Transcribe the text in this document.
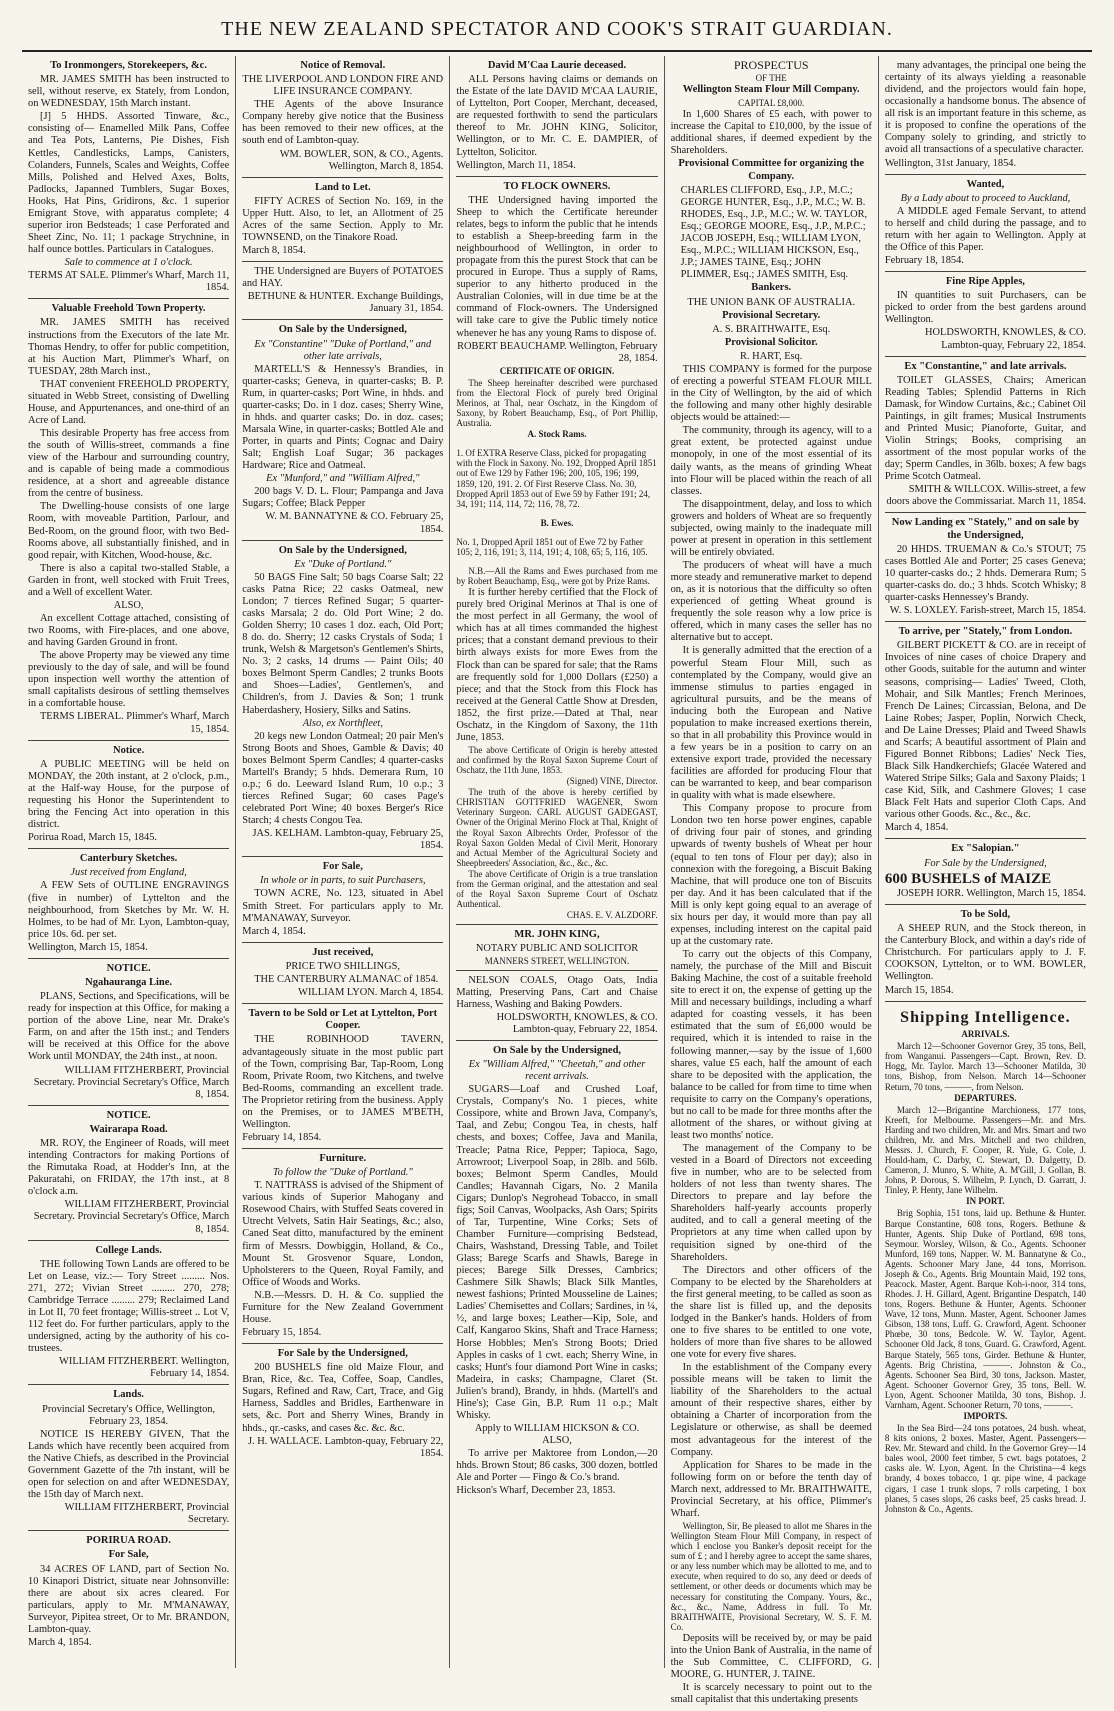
THE NEW ZEALAND SPECTATOR AND COOK'S STRAIT GUARDIAN.
To Ironmongers, Storekeepers, &c.

MR. JAMES SMITH has been instructed to sell, without reserve, ex Stately, from London, on WEDNESDAY, 15th March instant.

[J] 5 HHDS. Assorted Tinware, &c., consisting of— Enamelled Milk Pans, Coffee and Tea Pots, Lanterns, Pie Dishes, Fish Kettles, Candlesticks, Lamps, Canisters, Colanders, Funnels, Scales and Weights, Coffee Mills, Polished and Helved Axes, Bolts, Padlocks, Japanned Tumblers, Sugar Boxes, Hooks, Hat Pins, Gridirons, &c. 1 superior Emigrant Stove, with apparatus complete; 4 superior iron Bedsteads; 1 case Perforated and Sheet Zinc, No. 11; 1 package Strychnine, in half ounce bottles. Particulars in Catalogues.

Sale to commence at 1 o'clock.
TERMS AT SALE. Plimmer's Wharf, March 11, 1854.
Valuable Freehold Town Property.

MR. JAMES SMITH has received instructions from the Executors of the late Mr. Thomas Hendry, to offer for public competition, at his Auction Mart, Plimmer's Wharf, on TUESDAY, 28th March inst.,

THAT convenient FREEHOLD PROPERTY, situated in Webb Street, consisting of Dwelling House, and Appurtenances, and one-third of an Acre of Land.

This desirable Property has free access from the south of Willis-street, commands a fine view of the Harbour and surrounding country, and is capable of being made a commodious residence, at a short and agreeable distance from the centre of business.

The Dwelling-house consists of one large Room, with moveable Partition, Parlour, and Bed-Room, on the ground floor, with two Bed-Rooms above, all substantially finished, and in good repair, with Kitchen, Wood-house, &c.

There is also a capital two-stalled Stable, a Garden in front, well stocked with Fruit Trees, and a Well of excellent Water.

ALSO,

An excellent Cottage attached, consisting of two Rooms, with Fire-places, and one above, and having Garden Ground in front.

The above Property may be viewed any time previously to the day of sale, and will be found upon inspection well worthy the attention of small capitalists desirous of settling themselves in a comfortable house.

TERMS LIBERAL. Plimmer's Wharf, March 15, 1854.
Notice.

A PUBLIC MEETING will be held on MONDAY, the 20th instant, at 2 o'clock, p.m., at the Half-way House, for the purpose of requesting his Honor the Superintendent to bring the Fencing Act into operation in this district.

Porirua Road, March 15, 1845.
Canterbury Sketches.
Just received from England,

A FEW Sets of OUTLINE ENGRAVINGS (five in number) of Lyttelton and the neighbourhood, from Sketches by Mr. W. H. Holmes, to be had of Mr. Lyon, Lambton-quay, price 10s. 6d. per set.

Wellington, March 15, 1854.
NOTICE.
Ngahauranga Line.

PLANS, Sections, and Specifications, will be ready for inspection at this Office, for making a portion of the above Line, near Mr. Drake's Farm, on and after the 15th inst.; and Tenders will be received at this Office for the above Work until MONDAY, the 24th inst., at noon.

WILLIAM FITZHERBERT, Provincial Secretary. Provincial Secretary's Office, March 8, 1854.
NOTICE.
Wairarapa Road.

MR. ROY, the Engineer of Roads, will meet intending Contractors for making Portions of the Rimutaka Road, at Hodder's Inn, at the Pakuratahi, on FRIDAY, the 17th inst., at 8 o'clock a.m.

WILLIAM FITZHERBERT, Provincial Secretary. Provincial Secretary's Office, March 8, 1854.
College Lands.

THE following Town Lands are offered to be Let on Lease, viz.:— Tory Street ......... Nos. 271, 272; Vivian Street ......... 270, 278; Cambridge Terrace ......... 279; Reclaimed Land in Lot II, 70 feet frontage; Willis-street .. Lot V, 112 feet do. For further particulars, apply to the undersigned, acting by the authority of his co-trustees.

WILLIAM FITZHERBERT. Wellington, February 14, 1854.
Lands.
Provincial Secretary's Office, Wellington, February 23, 1854.

NOTICE IS HEREBY GIVEN, That the Lands which have recently been acquired from the Native Chiefs, as described in the Provincial Government Gazette of the 7th instant, will be open for selection on and after WEDNESDAY, the 15th day of March next.

WILLIAM FITZHERBERT, Provincial Secretary.
PORIRUA ROAD.
For Sale,

34 ACRES OF LAND, part of Section No. 10 Kinapori District, situate near Johnsonville: there are about six acres cleared. For particulars, apply to Mr. M'MANAWAY, Surveyor, Pipitea street, Or to Mr. BRANDON, Lambton-quay.

March 4, 1854.
Notice of Removal.
THE LIVERPOOL AND LONDON FIRE AND LIFE INSURANCE COMPANY.

THE Agents of the above Insurance Company hereby give notice that the Business has been removed to their new offices, at the south end of Lambton-quay.

WM. BOWLER, SON, & CO., Agents. Wellington, March 8, 1854.
Land to Let.

FIFTY ACRES of Section No. 169, in the Upper Hutt. Also, to let, an Allotment of 25 Acres of the same Section. Apply to Mr. TOWNSEND, on the Tinakore Road.

March 8, 1854.

THE Undersigned are Buyers of POTATOES and HAY.

BETHUNE & HUNTER. Exchange Buildings, January 31, 1854.
On Sale by the Undersigned,
Ex "Constantine" "Duke of Portland," and other late arrivals,

MARTELL'S & Hennessy's Brandies, in quarter-casks; Geneva, in quarter-casks; B. P. Rum, in quarter-casks; Port Wine, in hhds. and quarter-casks; Do. in 1 doz. cases; Sherry Wine, in hhds. and quarter casks; Do. in doz. cases; Marsala Wine, in quarter-casks; Bottled Ale and Porter, in quarts and Pints; Cognac and Dairy Salt; English Loaf Sugar; 36 packages Hardware; Rice and Oatmeal.

Ex "Munford," and "William Alfred,"

200 bags V. D. L. Flour; Pampanga and Java Sugars; Coffee; Black Pepper

W. M. BANNATYNE & CO. February 25, 1854.
On Sale by the Undersigned,
Ex "Duke of Portland."

50 BAGS Fine Salt; 50 bags Coarse Salt; 22 casks Patna Rice; 22 casks Oatmeal, new London; 7 tierces Refined Sugar; 5 quarter-casks Marsala; 2 do. Old Port Wine; 2 do. Golden Sherry; 10 cases 1 doz. each, Old Port; 8 do. do. Sherry; 12 casks Crystals of Soda; 1 trunk, Welsh & Margetson's Gentlemen's Shirts, No. 3; 2 casks, 14 drums — Paint Oils; 40 boxes Belmont Sperm Candles; 2 trunks Boots and Shoes—Ladies', Gentlemen's, and Children's, from J. Davies & Son; 1 trunk Haberdashery, Hosiery, Silks and Satins.

Also, ex Northfleet,

20 kegs new London Oatmeal; 20 pair Men's Strong Boots and Shoes, Gamble & Davis; 40 boxes Belmont Sperm Candles; 4 quarter-casks Martell's Brandy; 5 hhds. Demerara Rum, 10 o.p.; 6 do. Leeward Island Rum, 10 o.p.; 3 tierces Refined Sugar; 60 cases Page's celebrated Port Wine; 40 boxes Berger's Rice Starch; 4 chests Congou Tea.

JAS. KELHAM. Lambton-quay, February 25, 1854.
For Sale,
In whole or in parts, to suit Purchasers,

TOWN ACRE, No. 123, situated in Abel Smith Street. For particulars apply to Mr. M'MANAWAY, Surveyor.

March 4, 1854.
Just received,
PRICE TWO SHILLINGS,

THE CANTERBURY ALMANAC of 1854.

WILLIAM LYON. March 4, 1854.
Tavern to be Sold or Let at Lyttelton, Port Cooper.

THE ROBINHOOD TAVERN, advantageously situate in the most public part of the Town, comprising Bar, Tap-Room, Long Room, Private Room, two Kitchens, and twelve Bed-Rooms, commanding an excellent trade. The Proprietor retiring from the business. Apply on the Premises, or to JAMES M'BETH, Wellington.

February 14, 1854.
Furniture.
To follow the "Duke of Portland."

T. NATTRASS is advised of the Shipment of various kinds of Superior Mahogany and Rosewood Chairs, with Stuffed Seats covered in Utrecht Velvets, Satin Hair Seatings, &c.; also, Caned Seat ditto, manufactured by the eminent firm of Messrs. Dowbiggin, Holland, & Co., Mount St. Grosvenor Square, London, Upholsterers to the Queen, Royal Family, and Office of Woods and Works.

N.B.—Messrs. D. H. & Co. supplied the Furniture for the New Zealand Government House.

February 15, 1854.
For Sale by the Undersigned,

200 BUSHELS fine old Maize Flour, and Bran, Rice, &c. Tea, Coffee, Soap, Candles, Sugars, Refined and Raw, Cart, Trace, and Gig Harness, Saddles and Bridles, Earthenware in sets, &c. Port and Sherry Wines, Brandy in hhds., qr.-casks, and cases &c. &c. &c.

J. H. WALLACE. Lambton-quay, February 22, 1854.
David M'Caa Laurie deceased.

ALL Persons having claims or demands on the Estate of the late DAVID M'CAA LAURIE, of Lyttelton, Port Cooper, Merchant, deceased, are requested forthwith to send the particulars thereof to Mr. JOHN KING, Solicitor, Wellington, or to Mr. C. E. DAMPIER, of Lyttelton, Solicitor.

Wellington, March 11, 1854.
TO FLOCK OWNERS.

THE Undersigned having imported the Sheep to which the Certificate hereunder relates, begs to inform the public that he intends to establish a Sheep-breeding farm in the neighbourhood of Wellington, in order to propagate from this the purest Stock that can be procured in Europe. Thus a supply of Rams, superior to any hitherto produced in the Australian Colonies, will in due time be at the command of Flock-owners. The Undersigned will take care to give the Public timely notice whenever he has any young Rams to dispose of.

ROBERT BEAUCHAMP. Wellington, February 28, 1854.
CERTIFICATE OF ORIGIN.

The Sheep hereinafter described were purchased from the Electoral Flock of purely bred Original Merinos, at Thal, near Oschatz, in the Kingdom of Saxony, by Robert Beauchamp, Esq., of Port Phillip, Australia.

A. Stock Rams.

1. Of EXTRA Reserve Class, picked for propagating with the Flock in Saxony. No. 192, Dropped April 1851 out of Ewe 129 by Father 196; 200, 105, 196; 199, 1859, 120, 191. 2. Of First Reserve Class. No. 30, Dropped April 1853 out of Ewe 59 by Father 191; 24, 34, 191; 114, 114, 72; 116, 78, 72.

B. Ewes.

No. 1, Dropped April 1851 out of Ewe 72 by Father 105; 2, 116, 191; 3, 114, 191; 4, 108, 65; 5, 116, 105.

N.B.—All the Rams and Ewes purchased from me by Robert Beauchamp, Esq., were got by Prize Rams.

It is further hereby certified that the Flock of purely bred Original Merinos at Thal is one of the most perfect in all Germany, the wool of which has at all times commanded the highest prices; that a constant demand previous to their birth always exists for more Ewes from the Flock than can be spared for sale; that the Rams are frequently sold for 1,000 Dollars (£250) a piece; and that the Stock from this Flock has received at the General Cattle Show at Dresden, 1852, the first prize.—Dated at Thal, near Oschatz, in the Kingdom of Saxony, the 11th June, 1853.

The above Certificate of Origin is hereby attested and confirmed by the Royal Saxon Supreme Court of Oschatz, the 11th June, 1853.

(Signed) VINE, Director.

The truth of the above is hereby certified by CHRISTIAN GOTTFRIED WAGENER, Sworn Veterinary Surgeon. CARL AUGUST GADEGAST, Owner of the Original Merino Flock at Thal, Knight of the Royal Saxon Albrechts Order, Professor of the Royal Saxon Golden Medal of Civil Merit, Honorary and Actual Member of the Agricultural Society and Sheepbreeders' Association, &c., &c., &c.

The above Certificate of Origin is a true translation from the German original, and the attestation and seal of the Royal Saxon Supreme Court of Oschatz Authentical.

CHAS. E. V. ALZDORF.
MR. JOHN KING,
NOTARY PUBLIC AND SOLICITOR
MANNERS STREET, WELLINGTON.

NELSON COALS, Otago Oats, India Matting, Preserving Pans, Cart and Chaise Harness, Washing and Baking Powders.

HOLDSWORTH, KNOWLES, & CO. Lambton-quay, February 22, 1854.
On Sale by the Undersigned,
Ex "William Alfred," "Cheetah," and other recent arrivals.

SUGARS—Loaf and Crushed Loaf, Crystals, Company's No. 1 pieces, white Cossipore, white and Brown Java, Company's, Taal, and Zebu; Congou Tea, in chests, half chests, and boxes; Coffee, Java and Manila, Treacle; Patna Rice, Pepper; Tapioca, Sago, Arrowroot; Liverpool Soap, in 28lb. and 56lb. boxes; Belmont Sperm Candles, Mould Candles; Havannah Cigars, No. 2 Manila Cigars; Dunlop's Negrohead Tobacco, in small figs; Soil Canvas, Woolpacks, Ash Oars; Spirits of Tar, Turpentine, Wine Corks; Sets of Chamber Furniture—comprising Bedstead, Chairs, Washstand, Dressing Table, and Toilet Glass; Barege Scarfs and Shawls, Barege in pieces; Barege Silk Dresses, Cambrics; Cashmere Silk Shawls; Black Silk Mantles, newest fashions; Printed Mousseline de Laines; Ladies' Chemisettes and Collars; Sardines, in ¼, ½, and large boxes; Leather—Kip, Sole, and Calf, Kangaroo Skins, Shaft and Trace Harness; Horse Hobbles; Men's Strong Boots; Dried Apples in casks of 1 cwt. each; Sherry Wine, in casks; Hunt's four diamond Port Wine in casks; Madeira, in casks; Champagne, Claret (St. Julien's brand), Brandy, in hhds. (Martell's and Hine's); Case Gin, B.P. Rum 11 o.p.; Malt Whisky.

Apply to WILLIAM HICKSON & CO.
ALSO,

To arrive per Maktoree from London,—20 hhds. Brown Stout; 86 casks, 300 dozen, bottled Ale and Porter — Fingo & Co.'s brand.

Hickson's Wharf, December 23, 1853.
PROSPECTUS
OF THE
Wellington Steam Flour Mill Company.
CAPITAL £8,000.

In 1,600 Shares of £5 each, with power to increase the Capital to £10,000, by the issue of additional shares, if deemed expedient by the Shareholders.

Provisional Committee for organizing the Company.

CHARLES CLIFFORD, Esq., J.P., M.C.; GEORGE HUNTER, Esq., J.P., M.C.; W. B. RHODES, Esq., J.P., M.C.; W. W. TAYLOR, Esq.; GEORGE MOORE, Esq., J.P., M.P.C.; JACOB JOSEPH, Esq.; WILLIAM LYON, Esq., M.P.C.; WILLIAM HICKSON, Esq., J.P.; JAMES TAINE, Esq.; JOHN PLIMMER, Esq.; JAMES SMITH, Esq.

Bankers.
THE UNION BANK OF AUSTRALIA.
Provisional Secretary.
A. S. BRAITHWAITE, Esq.
Provisional Solicitor.
R. HART, Esq.

THIS COMPANY is formed for the purpose of erecting a powerful STEAM FLOUR MILL in the City of Wellington, by the aid of which the following and many other highly desirable objects would be attained:—

The community, through its agency, will to a great extent, be protected against undue monopoly, in one of the most essential of its daily wants, as the means of grinding Wheat into Flour will be placed within the reach of all classes.

The disappointment, delay, and loss to which growers and holders of Wheat are so frequently subjected, owing mainly to the inadequate mill power at present in operation in this settlement will be entirely obviated.

The producers of wheat will have a much more steady and remunerative market to depend on, as it is notorious that the difficulty so often experienced of getting Wheat ground is frequently the sole reason why a low price is offered, which in many cases the seller has no alternative but to accept.

It is generally admitted that the erection of a powerful Steam Flour Mill, such as contemplated by the Company, would give an immense stimulus to parties engaged in agricultural pursuits, and be the means of inducing both the European and Native population to make increased exertions therein, so that in all probability this Province would in a few years be in a position to carry on an extensive export trade, provided the necessary facilities are afforded for producing Flour that can be warranted to keep, and bear comparison in quality with what is made elsewhere.

This Company propose to procure from London two ten horse power engines, capable of driving four pair of stones, and grinding upwards of twenty bushels of Wheat per hour (equal to ten tons of Flour per day); also in connexion with the foregoing, a Biscuit Baking Machine, that will produce one ton of Biscuits per day. And it has been calculated that if the Mill is only kept going equal to an average of six hours per day, it would more than pay all expenses, including interest on the capital paid up at the customary rate.

To carry out the objects of this Company, namely, the purchase of the Mill and Biscuit Baking Machine, the cost of a suitable freehold site to erect it on, the expense of getting up the Mill and necessary buildings, including a wharf adapted for coasting vessels, it has been estimated that the sum of £6,000 would be required, which it is intended to raise in the following manner,—say by the issue of 1,600 shares, value £5 each, half the amount of each share to be deposited with the application, the balance to be called for from time to time when requisite to carry on the Company's operations, but no call to be made for three months after the allotment of the shares, or without giving at least two months' notice.

The management of the Company to be vested in a Board of Directors not exceeding five in number, who are to be selected from holders of not less than twenty shares. The Directors to prepare and lay before the Shareholders half-yearly accounts properly audited, and to call a general meeting of the Proprietors at any time when called upon by requisition signed by one-third of the Shareholders.

The Directors and other officers of the Company to be elected by the Shareholders at the first general meeting, to be called as soon as the share list is filled up, and the deposits lodged in the Banker's hands. Holders of from one to five shares to be entitled to one vote, holders of more than five shares to be allowed one vote for every five shares.

In the establishment of the Company every possible means will be taken to limit the liability of the Shareholders to the actual amount of their respective shares, either by obtaining a Charter of incorporation from the Legislature or otherwise, as shall be deemed most advantageous for the interest of the Company.

Application for Shares to be made in the following form on or before the tenth day of March next, addressed to Mr. BRAITHWAITE, Provincial Secretary, at his office, Plimmer's Wharf.

Wellington, Sir, Be pleased to allot me Shares in the Wellington Steam Flour Mill Company, in respect of which I enclose you Banker's deposit receipt for the sum of £ ; and I hereby agree to accept the same shares, or any less number which may be allotted to me, and to execute, when required to do so, any deed or deeds of settlement, or other deeds or documents which may be necessary for constituting the Company. Yours, &c., &c., &c., Name, Address in full. To Mr. BRAITHWAITE, Provisional Secretary, W. S. F. M. Co.

Deposits will be received by, or may be paid into the Union Bank of Australia, in the name of the Sub Committee, C. CLIFFORD, G. MOORE, G. HUNTER, J. TAINE.

It is scarcely necessary to point out to the small capitalist that this undertaking presents

many advantages, the principal one being the certainty of its always yielding a reasonable dividend, and the projectors would fain hope, occasionally a handsome bonus. The absence of all risk is an important feature in this scheme, as it is proposed to confine the operations of the Company solely to grinding, and strictly to avoid all transactions of a speculative character.

Wellington, 31st January, 1854.
Wanted,
By a Lady about to proceed to Auckland,

A MIDDLE aged Female Servant, to attend to herself and child during the passage, and to return with her again to Wellington. Apply at the Office of this Paper.

February 18, 1854.
Fine Ripe Apples,

IN quantities to suit Purchasers, can be picked to order from the best gardens around Wellington.

HOLDSWORTH, KNOWLES, & CO. Lambton-quay, February 22, 1854.
Ex "Constantine," and late arrivals.

TOILET GLASSES, Chairs; American Reading Tables; Splendid Patterns in Rich Damask, for Window Curtains, &c.; Cabinet Oil Paintings, in gilt frames; Musical Instruments and Printed Music; Pianoforte, Guitar, and Violin Strings; Books, comprising an assortment of the most popular works of the day; Sperm Candles, in 36lb. boxes; A few bags Prime Scotch Oatmeal.

SMITH & WILLCOX. Willis-street, a few doors above the Commissariat. March 11, 1854.
Now Landing ex "Stately," and on sale by the Undersigned,

20 HHDS. TRUEMAN & Co.'s STOUT; 75 cases Bottled Ale and Porter; 25 cases Geneva; 10 quarter-casks do.; 2 hhds. Demerara Rum; 5 quarter-casks do. do.; 3 hhds. Scotch Whisky; 8 quarter-casks Hennessey's Brandy.

W. S. LOXLEY. Farish-street, March 15, 1854.
To arrive, per "Stately," from London.

GILBERT PICKETT & CO. are in receipt of Invoices of nine cases of choice Drapery and other Goods, suitable for the autumn and winter seasons, comprising— Ladies' Tweed, Cloth, Mohair, and Silk Mantles; French Merinoes, French De Laines; Circassian, Belona, and De Laine Robes; Jasper, Poplin, Norwich Check, and De Laine Dresses; Plaid and Tweed Shawls and Scarfs; A beautiful assortment of Plain and Figured Bonnet Ribbons; Ladies' Neck Ties, Black Silk Handkerchiefs; Glacée Watered and Watered Stripe Silks; Gala and Saxony Plaids; 1 case Kid, Silk, and Cashmere Gloves; 1 case Black Felt Hats and superior Cloth Caps. And various other Goods. &c., &c., &c.

March 4, 1854.
Ex "Salopian."
For Sale by the Undersigned,
600 BUSHELS of MAIZE
JOSEPH IORR. Wellington, March 15, 1854.
To be Sold,

A SHEEP RUN, and the Stock thereon, in the Canterbury Block, and within a day's ride of Christchurch. For particulars apply to J. F. COOKSON, Lyttelton, or to WM. BOWLER, Wellington.

March 15, 1854.
Shipping Intelligence.
ARRIVALS.

March 12—Schooner Governor Grey, 35 tons, Bell, from Wanganui. Passengers—Capt. Brown, Rev. D. Hogg, Mr. Taylor. March 13—Schooner Matilda, 30 tons, Bishop, from Nelson. March 14—Schooner Return, 70 tons, ———, from Nelson.

DEPARTURES.

March 12—Brigantine Marchioness, 177 tons, Kreeft, for Melbourne. Passengers—Mr. and Mrs. Harding and two children, Mr. and Mrs. Smart and two children, Mr. and Mrs. Mitchell and two children, Messrs. J. Church, F. Cooper, R. Yule, G. Cole, J. Hould-ham, C. Darby, C. Stewart, D. Dalgetty, D. Cameron, J. Munro, S. White, A. M'Gill, J. Gollan, B. Johns, P. Dorous, S. Wilhelm, P. Lynch, D. Garratt, J. Tinley, P. Henty, Jane Wilhelm.

IN PORT.

Brig Sophia, 151 tons, laid up. Bethune & Hunter. Barque Constantine, 608 tons, Rogers. Bethune & Hunter, Agents. Ship Duke of Portland, 698 tons, Seymour. Worsley, Wilson, & Co., Agents. Schooner Munford, 169 tons, Napper. W. M. Bannatyne & Co., Agents. Schooner Mary Jane, 44 tons, Morrison. Joseph & Co., Agents. Brig Mountain Maid, 192 tons, Peacock. Master, Agent. Barque Koh-i-noor, 314 tons, Rhodes. J. H. Gillard, Agent. Brigantine Despatch, 140 tons, Rogers. Bethune & Hunter, Agents. Schooner Wave, 12 tons, Munn. Master, Agent. Schooner James Gibson, 138 tons, Luff. G. Crawford, Agent. Schooner Phœbe, 30 tons, Bedcole. W. W. Taylor, Agent. Schooner Old Jack, 8 tons, Guard. G. Crawford, Agent. Barque Stately, 565 tons, Girder. Bethune & Hunter, Agents. Brig Christina, ———. Johnston & Co., Agents. Schooner Sea Bird, 30 tons, Jackson. Master, Agent. Schooner Governor Grey, 35 tons, Bell. W. Lyon, Agent. Schooner Matilda, 30 tons, Bishop. J. Varnham, Agent. Schooner Return, 70 tons, ———.

IMPORTS.

In the Sea Bird—24 tons potatoes, 24 bush. wheat, 8 kits onions, 2 boxes. Master, Agent. Passengers—Rev. Mr. Steward and child. In the Governor Grey—14 bales wool, 2000 feet timber, 5 cwt. bags potatoes, 2 casks ale. W. Lyon, Agent. In the Christina—4 kegs brandy, 4 boxes tobacco, 1 qr. pipe wine, 4 package cigars, 1 case 1 trunk slops, 7 rolls carpeting, 1 box planes, 5 cases slops, 26 casks beef, 25 casks bread. J. Johnston & Co., Agents.
